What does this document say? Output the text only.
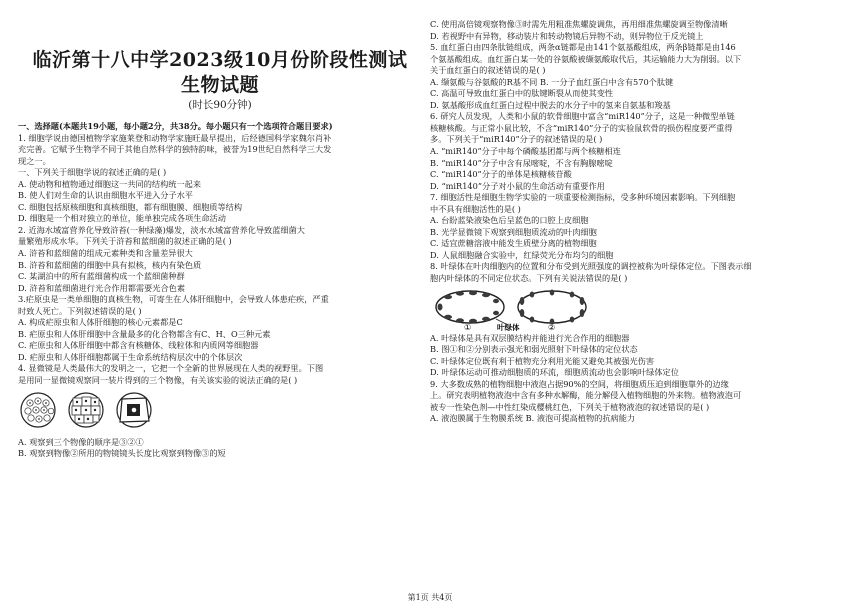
临沂第十八中学2023级10月份阶段性测试
生物试题
(时长90分钟)
一、选择题(本题共19小题，每小题2分，共38分。每小题只有一个选项符合题目要求)
1. 细胞学说由德国植物学家施莱登和动物学家施旺最早提出，后经德国科学家魏尔肖补
充完善。它赋予生物学不同于其他自然科学的独特韵味，被誉为19世纪自然科学三大发
现之一。
一、下列关于细胞学说的叙述正确的是( )
A. 使动物和植物通过细胞这一共同的结构统一起来
B. 使人们对生命的认识由细胞水平进入分子水平
C. 细胞包括原核细胞和真核细胞，都有细胞膜、细胞质等结构
D. 细胞是一个相对独立的单位，能单独完成各项生命活动
2. 近海水域富营养化导致浒苔(一种绿藻)爆发，淡水水域富营养化导致蓝细菌大
量繁殖形成水华。下列关于浒苔和蓝细菌的叙述正确的是( )
A. 浒苔和蓝细菌的组成元素种类和含量差异很大
B. 浒苔和蓝细菌的细胞中具有拟核，核内有染色质
C. 某湖泊中的所有蓝细菌构成一个蓝细菌种群
D. 浒苔和蓝细菌进行光合作用都需要光合色素
3.疟原虫是一类单细胞的真核生物，可寄生在人体肝细胞中，会导致人体患疟疾，严重
时致人死亡。下列叙述错误的是( )
A. 构成疟原虫和人体肝细胞的核心元素都是C
B. 疟原虫和人体肝细胞中含量最多的化合物都含有C、H、O三种元素
C. 疟原虫和人体肝细胞中都含有核糖体、线粒体和内质网等细胞器
D. 疟原虫和人体肝细胞都属于生命系统结构层次中的个体层次
4. 显微镜是人类最伟大的发明之一，它把一个全新的世界展现在人类的视野里。下图
是用同一显微镜观察同一装片得到的三个物像，有关该实验的说法正确的是( )
A. 观察到三个物像的顺序是③②①
B. 观察到物像②所用的物镜镜头长度比观察到物像③的短
C. 使用高倍镜观察物像③时需先用粗准焦螺旋调焦，再用细准焦螺旋调至物像清晰
D. 若视野中有异物，移动装片和转动物镜后异物不动，则异物位于反光镜上
5. 血红蛋白由四条肽链组成，两条α链都是由141个氨基酸组成，两条β链都是由146
个氨基酸组成。血红蛋白某一处的谷氨酸被缬氨酸取代后，其运输能力大为削弱。以下
关于血红蛋白的叙述错误的是( )
A. 缬氨酸与谷氨酸的R基不同 B. 一分子血红蛋白中含有570个肽键
C. 高温可导致血红蛋白中的肽键断裂从而使其变性
D. 氨基酸形成血红蛋白过程中脱去的水分子中的氢来自氨基和羧基
6. 研究人员发现，人类和小鼠的软骨细胞中富含“miR140”分子，这是一种微型单链
核糖核酸。与正常小鼠比较，不含“miR140”分子的实验鼠软骨的损伤程度要严重得
多。下列关于“miR140”分子的叙述错误的是( )
A. “miR140”分子中每个磷酸基团都与两个核糖相连
B. “miR140”分子中含有尿嘧啶，不含有胸腺嘧啶
C. “miR140”分子的单体是核糖核苷酸
D. “miR140”分子对小鼠的生命活动有重要作用
7. 细胞活性是细胞生物学实验的一项重要检测指标，受多种环境因素影响。下列细胞
中不具有细胞活性的是( )
A. 台盼蓝染液染色后呈蓝色的口腔上皮细胞
B. 光学显微镜下观察到细胞质流动的叶肉细胞
C. 适宜蔗糖溶液中能发生质壁分离的植物细胞
D. 人鼠细胞融合实验中，红绿荧光分布均匀的细胞
8. 叶绿体在叶肉细胞内的位置和分布受到光照强度的调控被称为叶绿体定位。下图表示细
胞内叶绿体的不同定位状态。下列有关说法错误的是( )
①	叶绿体	②
A. 叶绿体是具有双层膜结构并能进行光合作用的细胞器
B. 图①和②分别表示强光和弱光照射下叶绿体的定位状态
C. 叶绿体定位既有利于植物充分利用光能又避免其被强光伤害
D. 叶绿体运动可推动细胞质的环流，细胞质流动也会影响叶绿体定位
9. 大多数成熟的植物细胞中液泡占据90%的空间，将细胞质压迫到细胞靠外的边缘
上。研究表明植物液泡中含有多种水解酶，能分解侵入植物细胞的外来物。植物液泡可
被专一性染色剂—中性红染成樱桃红色，下列关于植物液泡的叙述错误的是( )
A. 液泡膜属于生物膜系统 B. 液泡可提高植物的抗病能力
第1页 共4页
